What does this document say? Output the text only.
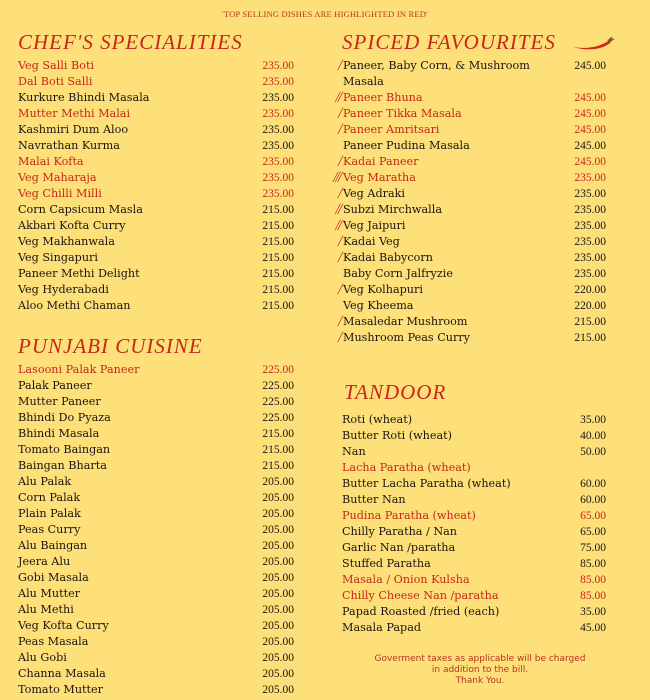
'TOP SELLING DISHES ARE HIGHLIGHTED IN RED'
CHEF'S SPECIALITIES
Veg Salli Boti	235.00
Dal Boti Salli	235.00
Kurkure Bhindi Masala	235.00
Mutter Methi Malai	235.00
Kashmiri Dum Aloo	235.00
Navrathan Kurma	235.00
Malai Kofta	235.00
Veg Maharaja	235.00
Veg Chilli Milli	235.00
Corn Capsicum Masla	215.00
Akbari Kofta Curry	215.00
Veg Makhanwala	215.00
Veg Singapuri	215.00
Paneer Methi Delight	215.00
Veg Hyderabadi	215.00
Aloo Methi Chaman	215.00
PUNJABI CUISINE
Lasooni Palak Paneer	225.00
Palak Paneer	225.00
Mutter Paneer	225.00
Bhindi Do Pyaza	225.00
Bhindi Masala	215.00
Tomato Baingan	215.00
Baingan Bharta	215.00
Alu Palak	205.00
Corn Palak	205.00
Plain Palak	205.00
Peas Curry	205.00
Alu Baingan	205.00
Jeera Alu	205.00
Gobi Masala	205.00
Alu Mutter	205.00
Alu Methi	205.00
Veg Kofta Curry	205.00
Peas Masala	205.00
Alu Gobi	205.00
Channa Masala	205.00
Tomato Mutter	205.00
SPICED FAVOURITES
╱ Paneer, Baby Corn, & Mushroom Masala
245.00
╱╱ Paneer Bhuna	245.00
╱ Paneer Tikka Masala	245.00
╱ Paneer Amritsari	245.00
Paneer Pudina Masala	245.00
╱ Kadai Paneer	245.00
╱╱╱ Veg Maratha	235.00
╱ Veg Adraki	235.00
╱╱ Subzi Mirchwalla	235.00
╱╱ Veg Jaipuri	235.00
╱ Kadai Veg	235.00
╱ Kadai Babycorn	235.00
Baby Corn Jalfryzie	235.00
╱ Veg Kolhapuri	220.00
Veg Kheema	220.00
╱ Masaledar Mushroom	215.00
╱ Mushroom Peas Curry	215.00
TANDOOR
Roti (wheat)	35.00
Butter Roti (wheat)	40.00
Nan	50.00
Lacha Paratha (wheat)
Butter Lacha Paratha (wheat)	60.00
Butter Nan	60.00
Pudina Paratha (wheat)	65.00
Chilly Paratha / Nan	65.00
Garlic Nan /paratha	75.00
Stuffed Paratha	85.00
Masala / Onion Kulsha	85.00
Chilly Cheese Nan /paratha	85.00
Papad Roasted /fried (each)	35.00
Masala Papad	45.00
Goverment taxes as applicable will be charged
in addition to the bill.
Thank You.
